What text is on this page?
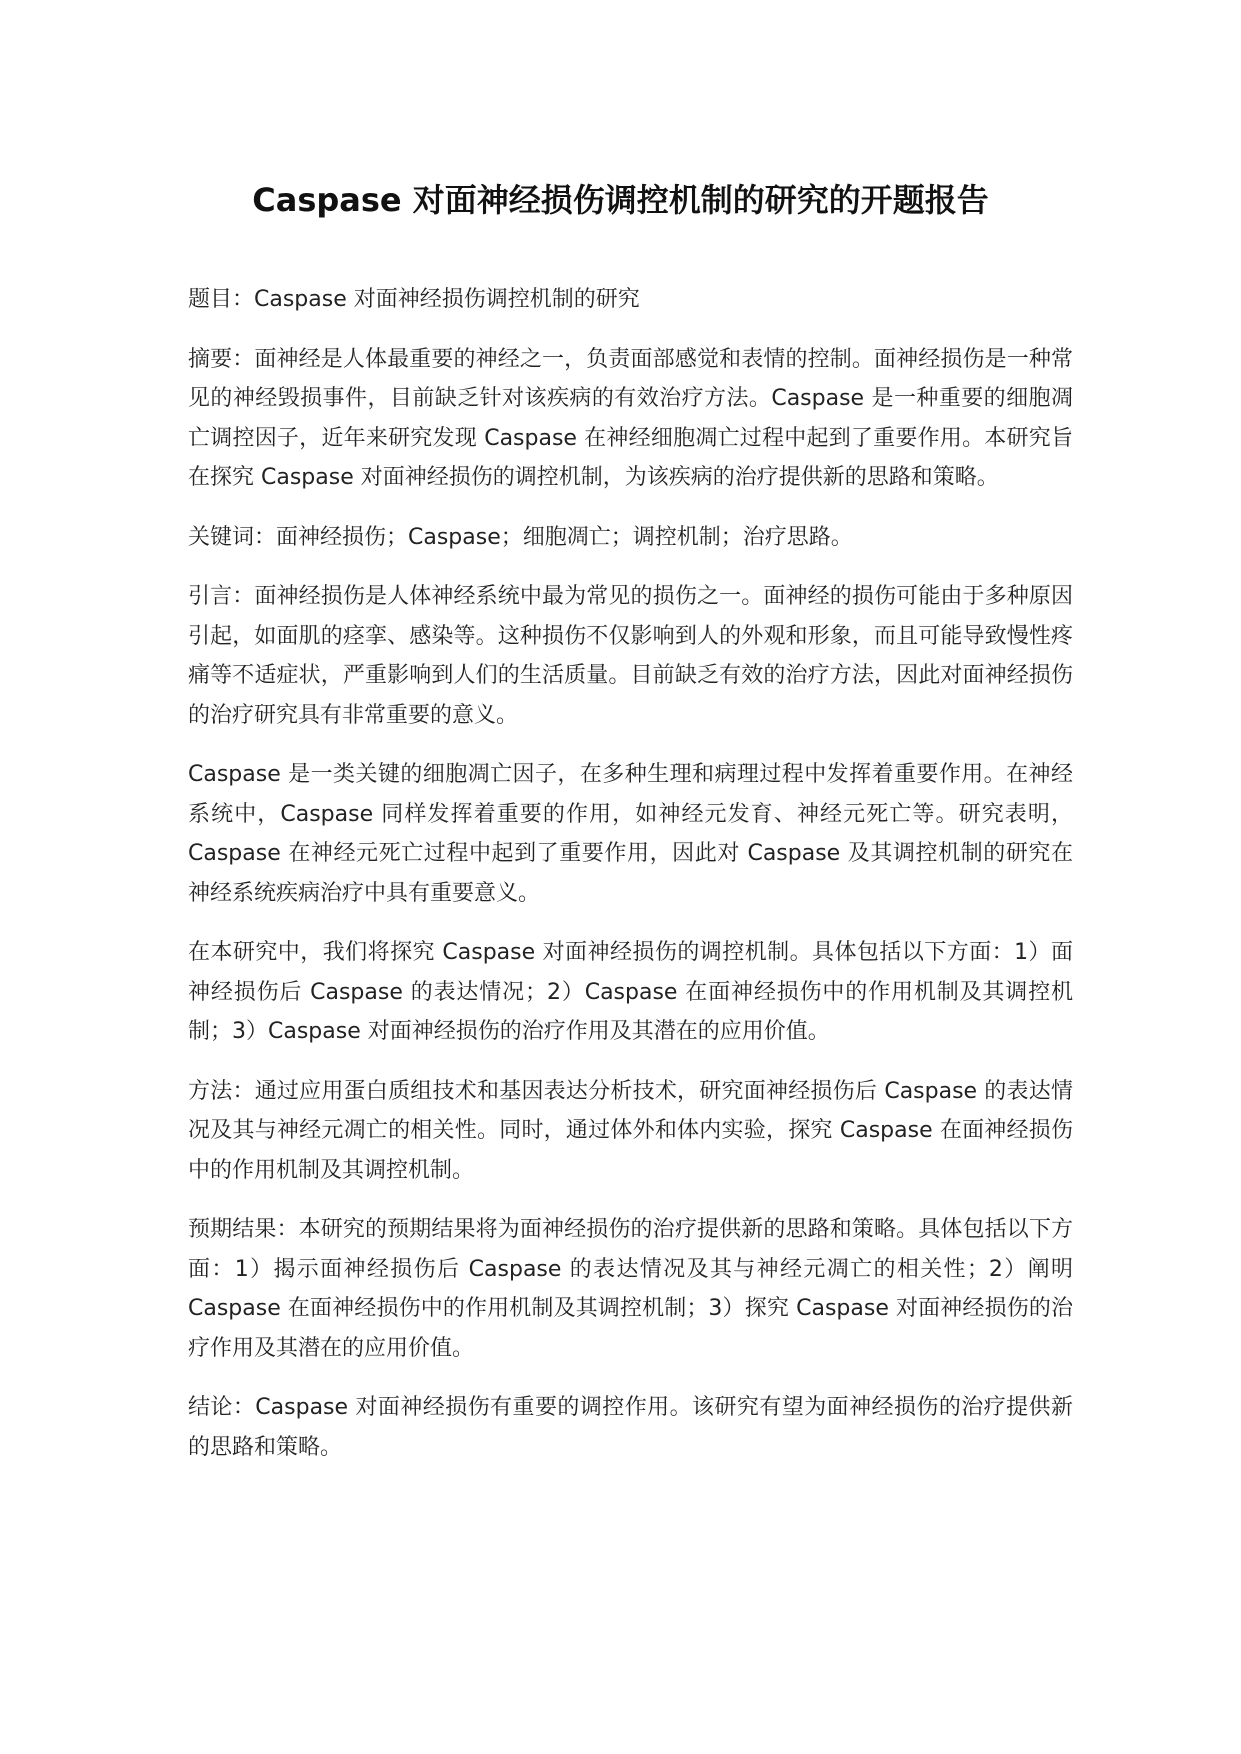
Caspase 对面神经损伤调控机制的研究的开题报告

题目：Caspase 对面神经损伤调控机制的研究

摘要：面神经是人体最重要的神经之一，负责面部感觉和表情的控制。面神经损伤是一种常见的神经毁损事件，目前缺乏针对该疾病的有效治疗方法。Caspase 是一种重要的细胞凋亡调控因子，近年来研究发现 Caspase 在神经细胞凋亡过程中起到了重要作用。本研究旨在探究 Caspase 对面神经损伤的调控机制，为该疾病的治疗提供新的思路和策略。

关键词：面神经损伤；Caspase；细胞凋亡；调控机制；治疗思路。

引言：面神经损伤是人体神经系统中最为常见的损伤之一。面神经的损伤可能由于多种原因引起，如面肌的痉挛、感染等。这种损伤不仅影响到人的外观和形象，而且可能导致慢性疼痛等不适症状，严重影响到人们的生活质量。目前缺乏有效的治疗方法，因此对面神经损伤的治疗研究具有非常重要的意义。

Caspase 是一类关键的细胞凋亡因子，在多种生理和病理过程中发挥着重要作用。在神经系统中，Caspase 同样发挥着重要的作用，如神经元发育、神经元死亡等。研究表明，Caspase 在神经元死亡过程中起到了重要作用，因此对 Caspase 及其调控机制的研究在神经系统疾病治疗中具有重要意义。

在本研究中，我们将探究 Caspase 对面神经损伤的调控机制。具体包括以下方面：1）面神经损伤后 Caspase 的表达情况；2）Caspase 在面神经损伤中的作用机制及其调控机制；3）Caspase 对面神经损伤的治疗作用及其潜在的应用价值。

方法：通过应用蛋白质组技术和基因表达分析技术，研究面神经损伤后 Caspase 的表达情况及其与神经元凋亡的相关性。同时，通过体外和体内实验，探究 Caspase 在面神经损伤中的作用机制及其调控机制。

预期结果：本研究的预期结果将为面神经损伤的治疗提供新的思路和策略。具体包括以下方面：1）揭示面神经损伤后 Caspase 的表达情况及其与神经元凋亡的相关性；2）阐明 Caspase 在面神经损伤中的作用机制及其调控机制；3）探究 Caspase 对面神经损伤的治疗作用及其潜在的应用价值。

结论：Caspase 对面神经损伤有重要的调控作用。该研究有望为面神经损伤的治疗提供新的思路和策略。
